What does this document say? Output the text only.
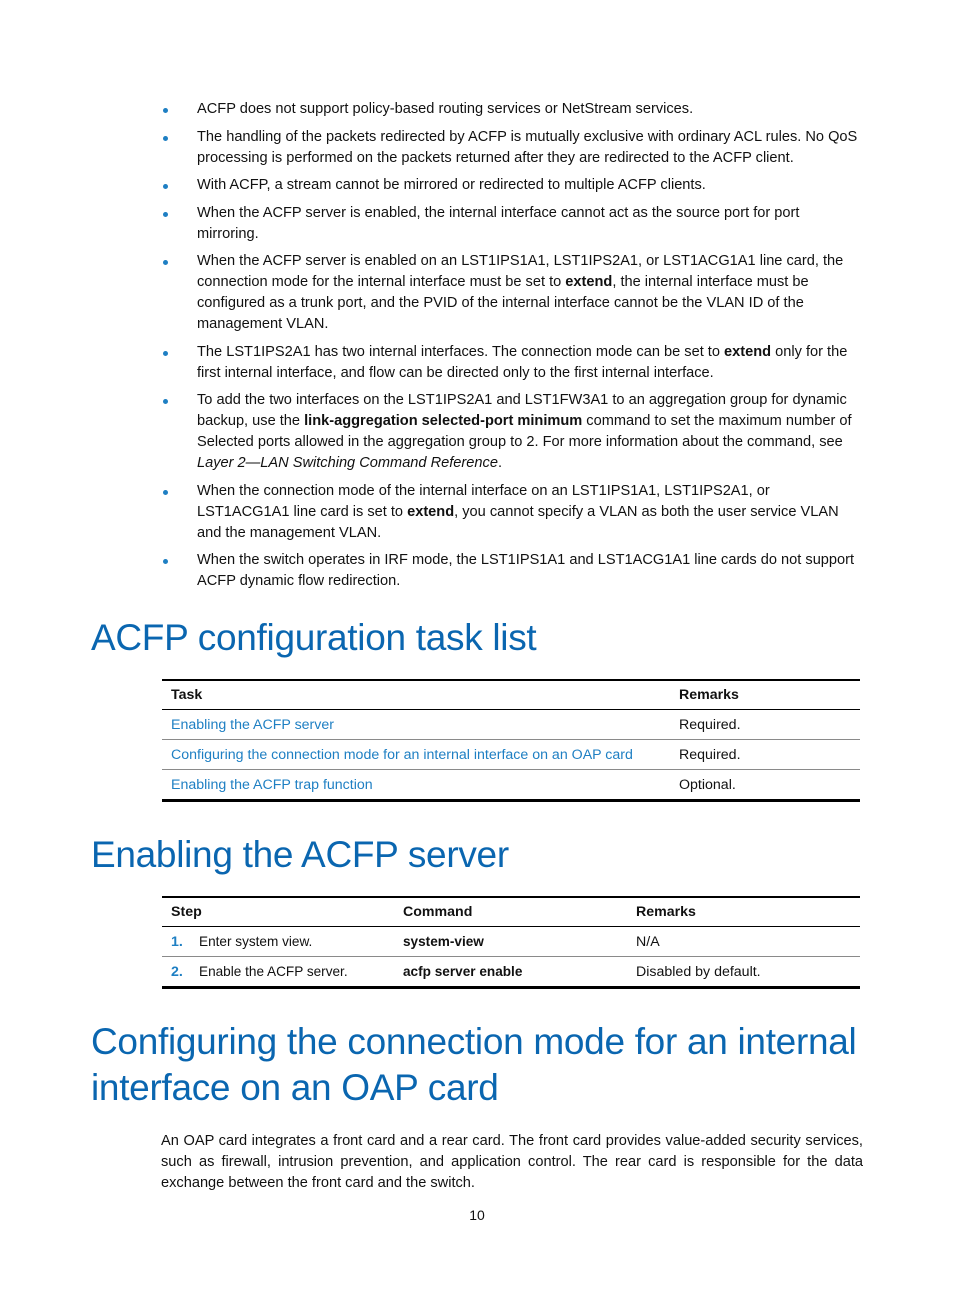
ACFP does not support policy-based routing services or NetStream services.
The handling of the packets redirected by ACFP is mutually exclusive with ordinary ACL rules. No QoS processing is performed on the packets returned after they are redirected to the ACFP client.
With ACFP, a stream cannot be mirrored or redirected to multiple ACFP clients.
When the ACFP server is enabled, the internal interface cannot act as the source port for port mirroring.
When the ACFP server is enabled on an LST1IPS1A1, LST1IPS2A1, or LST1ACG1A1 line card, the connection mode for the internal interface must be set to extend, the internal interface must be configured as a trunk port, and the PVID of the internal interface cannot be the VLAN ID of the management VLAN.
The LST1IPS2A1 has two internal interfaces. The connection mode can be set to extend only for the first internal interface, and flow can be directed only to the first internal interface.
To add the two interfaces on the LST1IPS2A1 and LST1FW3A1 to an aggregation group for dynamic backup, use the link-aggregation selected-port minimum command to set the maximum number of Selected ports allowed in the aggregation group to 2. For more information about the command, see Layer 2—LAN Switching Command Reference.
When the connection mode of the internal interface on an LST1IPS1A1, LST1IPS2A1, or LST1ACG1A1 line card is set to extend, you cannot specify a VLAN as both the user service VLAN and the management VLAN.
When the switch operates in IRF mode, the LST1IPS1A1 and LST1ACG1A1 line cards do not support ACFP dynamic flow redirection.
ACFP configuration task list
Task	Remarks
Enabling the ACFP server	Required.
Configuring the connection mode for an internal interface on an OAP card	Required.
Enabling the ACFP trap function	Optional.
Enabling the ACFP server
Step	Command	Remarks
1. Enter system view.	system-view	N/A
2. Enable the ACFP server.	acfp server enable	Disabled by default.
Configuring the connection mode for an internal interface on an OAP card

An OAP card integrates a front card and a rear card. The front card provides value-added security services, such as firewall, intrusion prevention, and application control. The rear card is responsible for the data exchange between the front card and the switch.

10
